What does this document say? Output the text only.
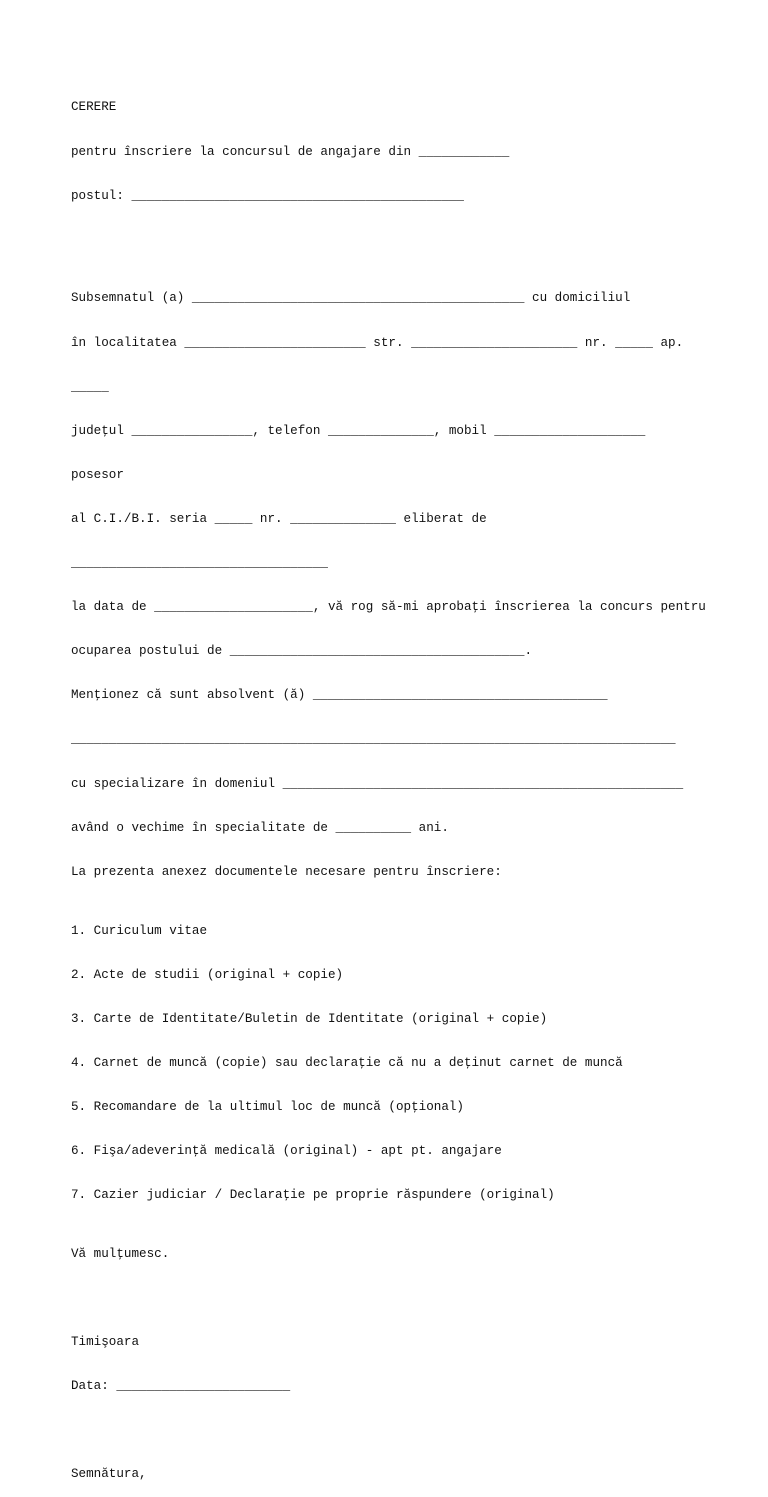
CERERE

pentru înscriere la concursul de angajare din ____________

postul: ____________________________________________

Subsemnatul (a) ____________________________________________ cu domiciliul

în localitatea ________________________ str. ______________________ nr. _____ ap.

_____

judeţul ________________, telefon ______________, mobil ____________________

posesor

al C.I./B.I. seria _____ nr. ______________ eliberat de

__________________________________

la data de _____________________, vă rog să-mi aprobaţi înscrierea la concurs pentru

ocuparea postului de _______________________________________.

Menţionez că sunt absolvent (ă) _______________________________________

________________________________________________________________________________

cu specializare în domeniul _____________________________________________________

având o vechime în specialitate de __________ ani.

La prezenta anexez documentele necesare pentru înscriere:

1. Curiculum vitae

2. Acte de studii (original + copie)

3. Carte de Identitate/Buletin de Identitate (original + copie)

4. Carnet de muncă (copie) sau declaraţie că nu a deţinut carnet de muncă

5. Recomandare de la ultimul loc de muncă (opţional)

6. Fişa/adeverinţă medicală (original) - apt pt. angajare

7. Cazier judiciar / Declaraţie pe proprie răspundere (original)

Vă mulţumesc.

Timişoara

Data: _______________________

Semnătura,
